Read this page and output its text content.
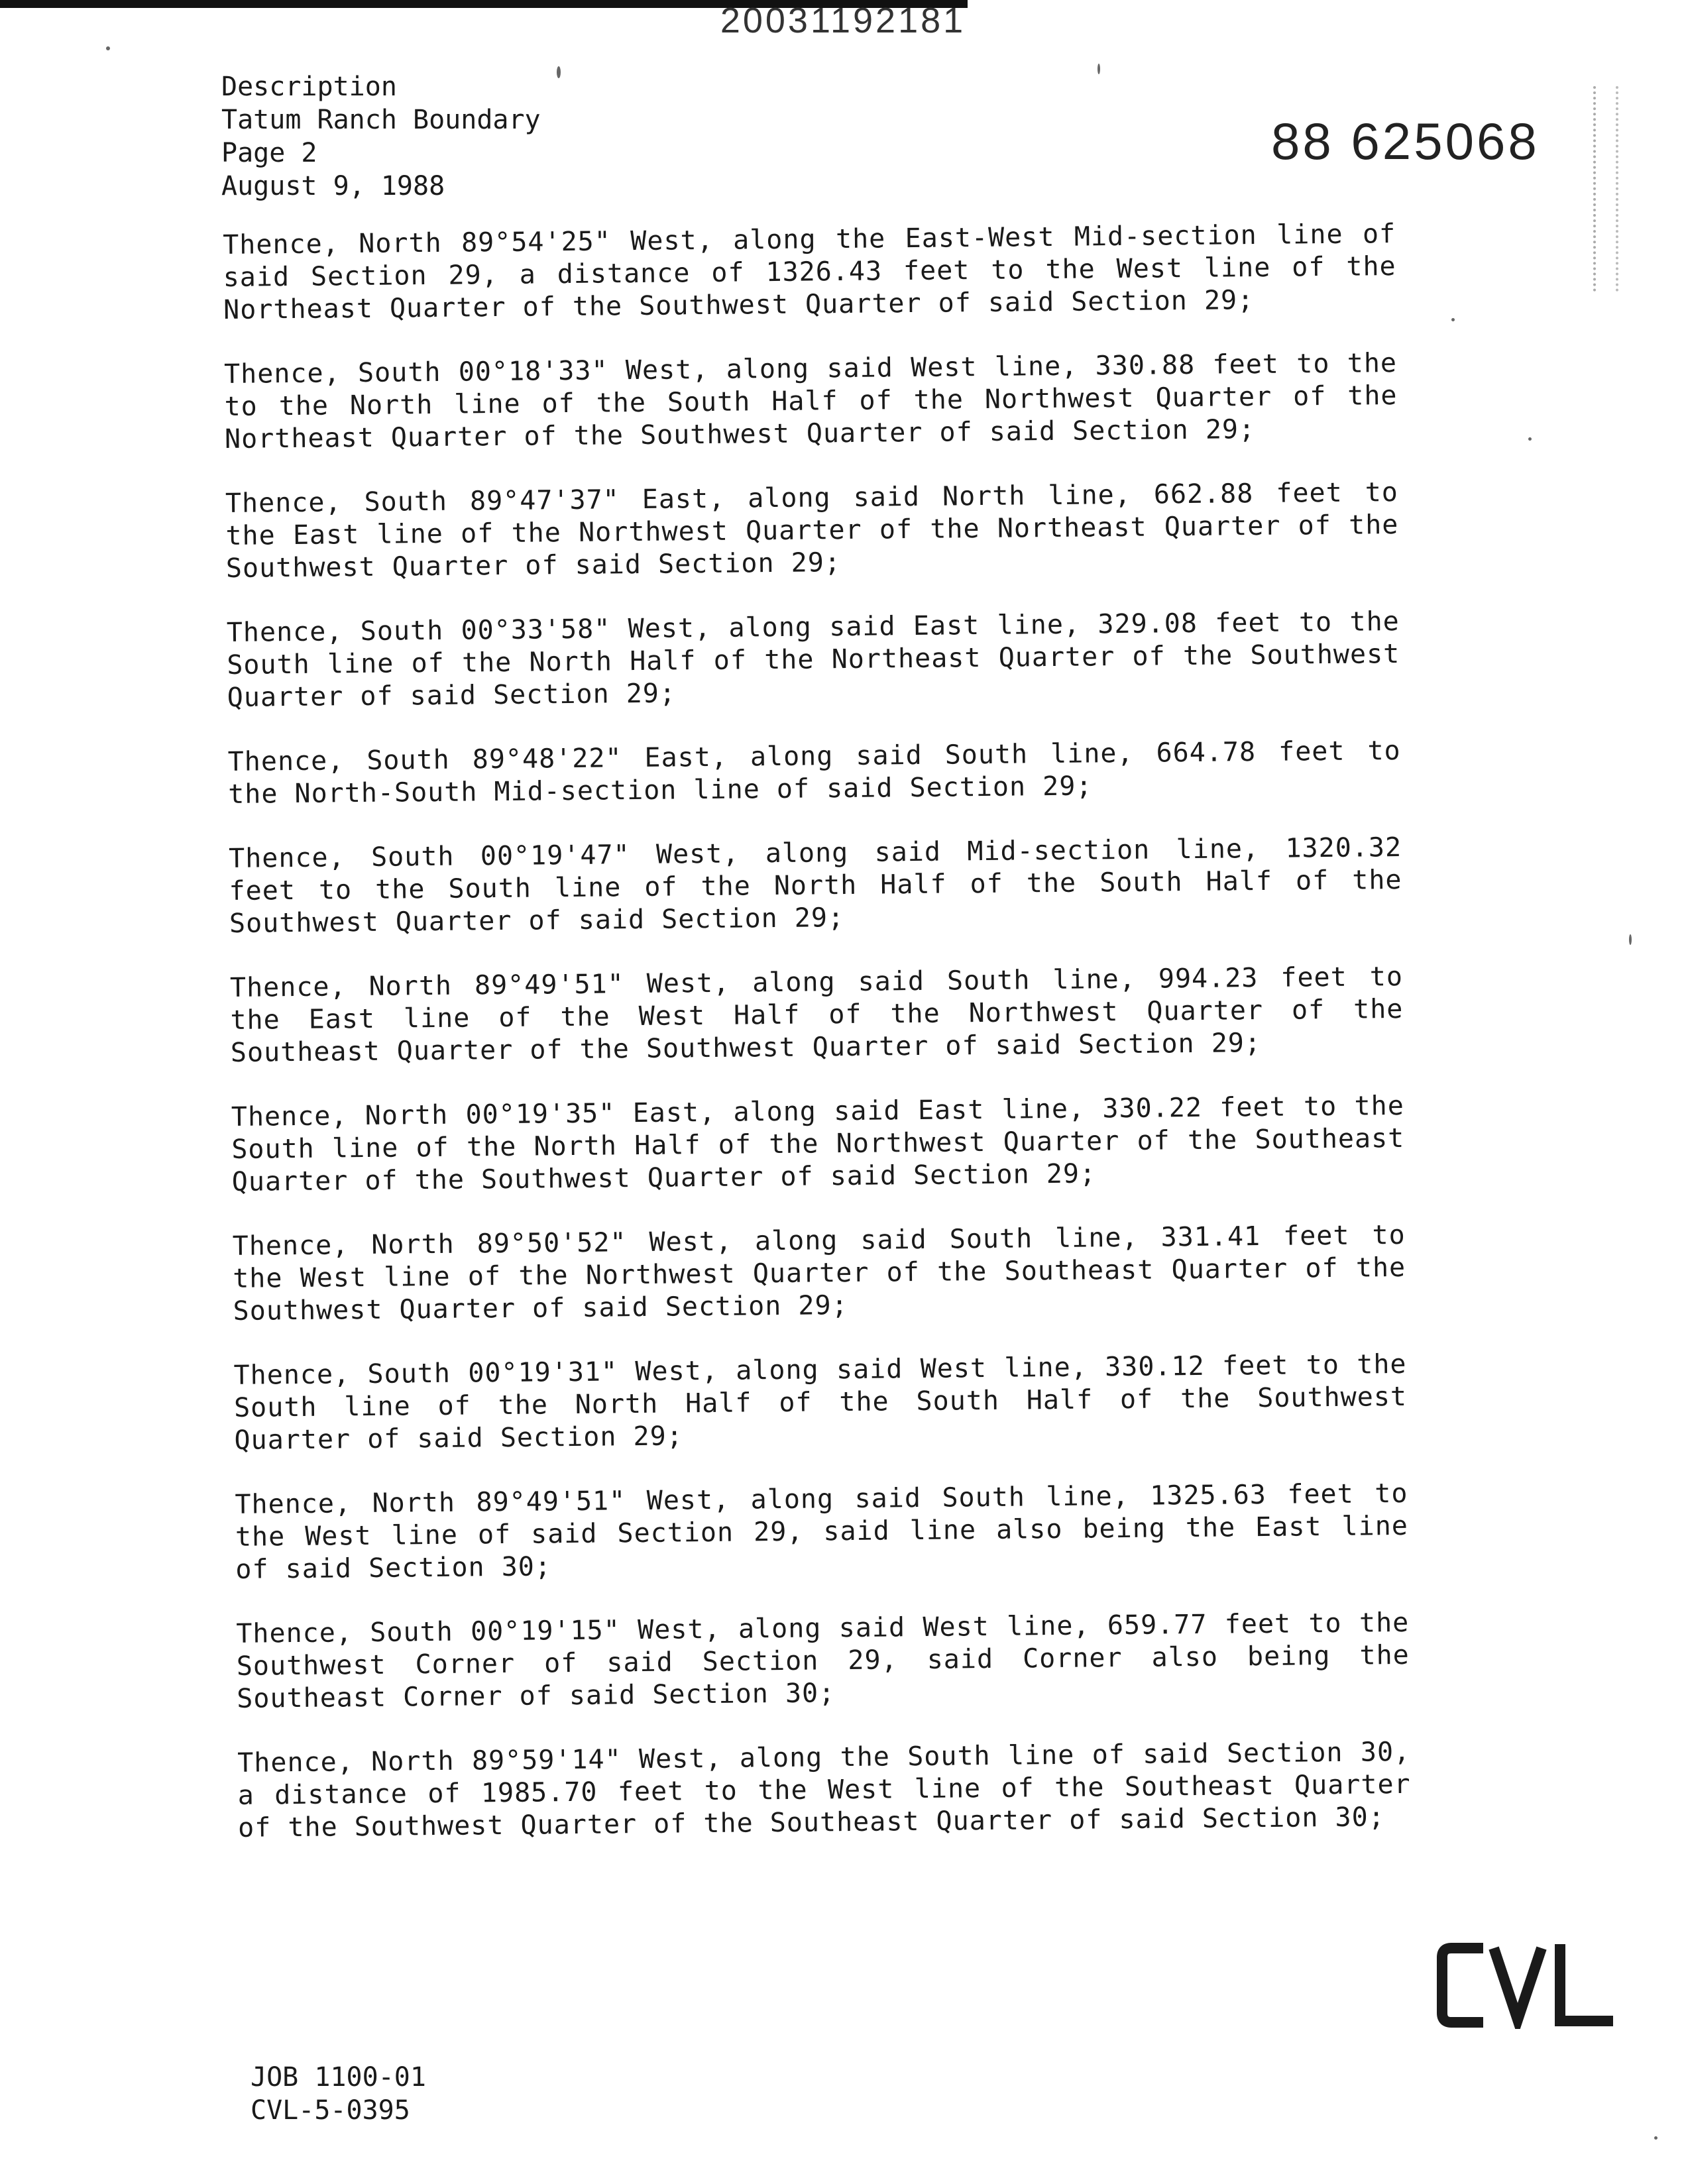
20031192181
Description
Tatum Ranch Boundary
Page 2
August 9, 1988
88 625068

Thence, North 89°54'25" West, along the East-West Mid-section line of said Section 29, a distance of 1326.43 feet to the West line of the Northeast Quarter of the Southwest Quarter of said Section 29;

Thence, South 00°18'33" West, along said West line, 330.88 feet to the to the North line of the South Half of the Northwest Quarter of the Northeast Quarter of the Southwest Quarter of said Section 29;

Thence, South 89°47'37" East, along said North line, 662.88 feet to the East line of the Northwest Quarter of the Northeast Quarter of the Southwest Quarter of said Section 29;

Thence, South 00°33'58" West, along said East line, 329.08 feet to the South line of the North Half of the Northeast Quarter of the Southwest Quarter of said Section 29;

Thence, South 89°48'22" East, along said South line, 664.78 feet to the North-South Mid-section line of said Section 29;

Thence, South 00°19'47" West, along said Mid-section line, 1320.32 feet to the South line of the North Half of the South Half of the Southwest Quarter of said Section 29;

Thence, North 89°49'51" West, along said South line, 994.23 feet to the East line of the West Half of the Northwest Quarter of the Southeast Quarter of the Southwest Quarter of said Section 29;

Thence, North 00°19'35" East, along said East line, 330.22 feet to the South line of the North Half of the Northwest Quarter of the Southeast Quarter of the Southwest Quarter of said Section 29;

Thence, North 89°50'52" West, along said South line, 331.41 feet to the West line of the Northwest Quarter of the Southeast Quarter of the Southwest Quarter of said Section 29;

Thence, South 00°19'31" West, along said West line, 330.12 feet to the South line of the North Half of the South Half of the Southwest Quarter of said Section 29;

Thence, North 89°49'51" West, along said South line, 1325.63 feet to the West line of said Section 29, said line also being the East line of said Section 30;

Thence, South 00°19'15" West, along said West line, 659.77 feet to the Southwest Corner of said Section 29, said Corner also being the Southeast Corner of said Section 30;

Thence, North 89°59'14" West, along the South line of said Section 30, a distance of 1985.70 feet to the West line of the Southeast Quarter of the Southwest Quarter of the Southeast Quarter of said Section 30;

JOB 1100-01
CVL-5-0395
